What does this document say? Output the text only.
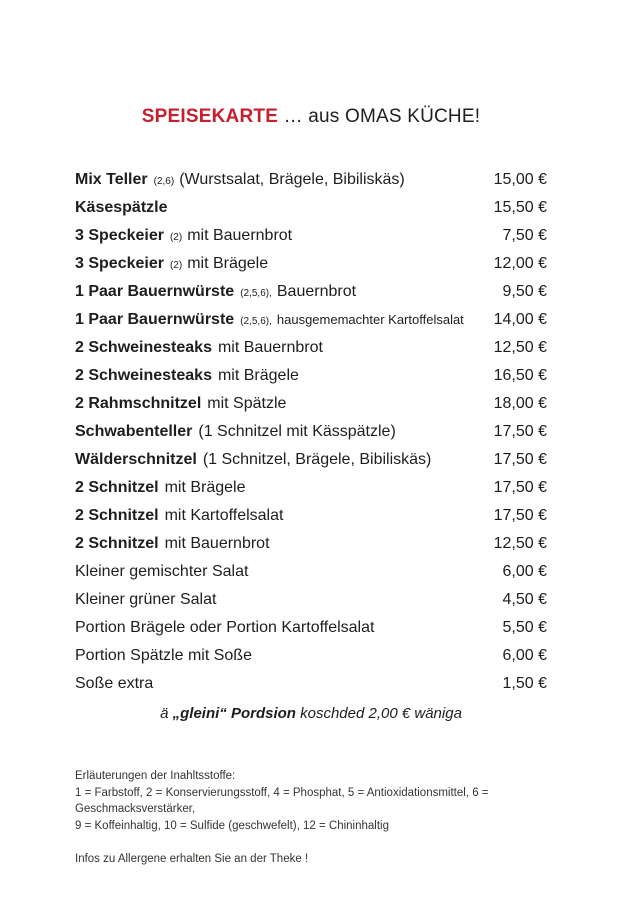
SPEISEKARTE … aus OMAS KÜCHE!
Mix Teller (2,6) (Wurstsalat, Brägele, Bibiliskäs)	15,00 €
Käsespätzle	15,50 €
3 Speckeier (2) mit Bauernbrot	7,50 €
3 Speckeier (2) mit Brägele	12,00 €
1 Paar Bauernwürste (2,5,6), Bauernbrot	9,50 €
1 Paar Bauernwürste (2,5,6), hausgememachter Kartoffelsalat 14,00 €
2 Schweinesteaks mit Bauernbrot	12,50 €
2 Schweinesteaks mit Brägele	16,50 €
2 Rahmschnitzel mit Spätzle	18,00 €
Schwabenteller (1 Schnitzel mit Kässpätzle)	17,50 €
Wälderschnitzel (1 Schnitzel, Brägele, Bibiliskäs)	17,50 €
2 Schnitzel mit Brägele	17,50 €
2 Schnitzel mit Kartoffelsalat	17,50 €
2 Schnitzel mit Bauernbrot	12,50 €
Kleiner gemischter Salat	6,00 €
Kleiner grüner Salat	4,50 €
Portion Brägele oder Portion Kartoffelsalat	5,50 €
Portion Spätzle mit Soße	6,00 €
Soße extra	1,50 €

ä „gleini“ Pordsion koschded 2,00 € wäniga

Erläuterungen der Inahltsstoffe:
1 = Farbstoff, 2 = Konservierungsstoff, 4 = Phosphat, 5 = Antioxidationsmittel, 6 = Geschmacksverstärker,
9 = Koffeinhaltig, 10 = Sulfide (geschwefelt), 12 = Chininhaltig

Infos zu Allergene erhalten Sie an der Theke !
